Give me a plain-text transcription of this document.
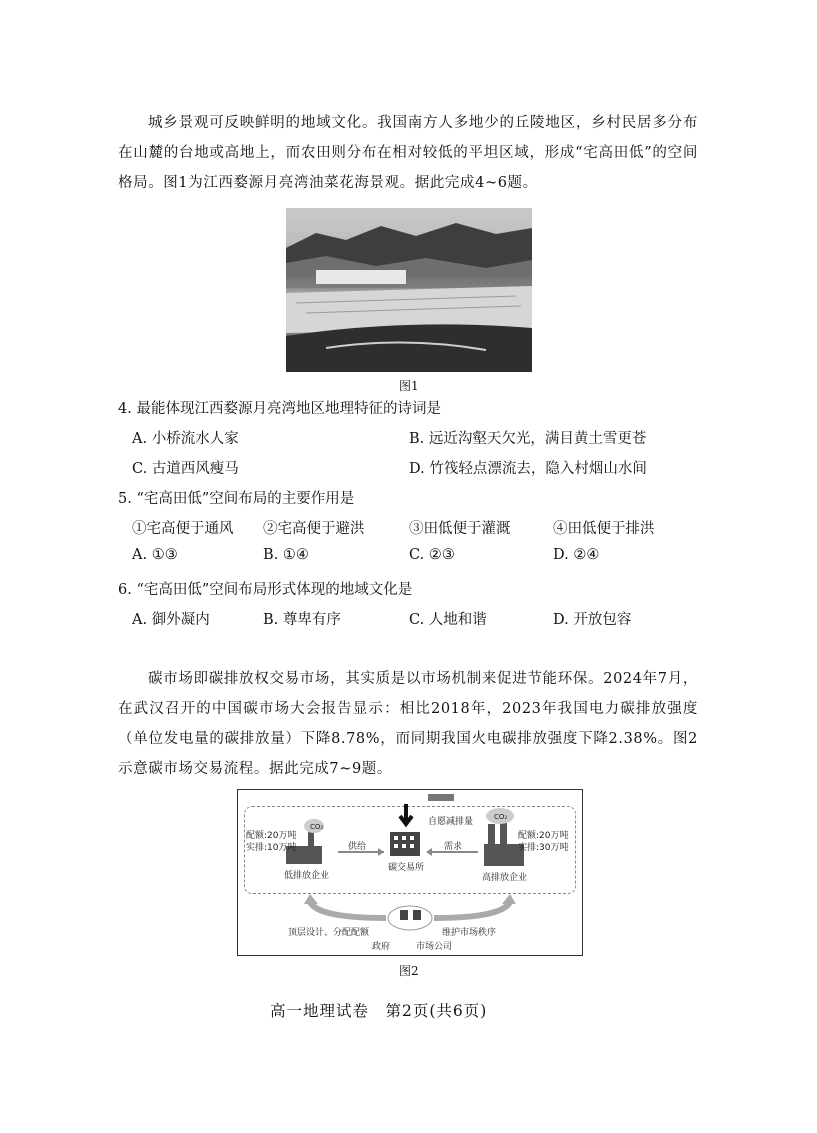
城乡景观可反映鲜明的地域文化。我国南方人多地少的丘陵地区，乡村民居多分布在山麓的台地或高地上，而农田则分布在相对较低的平坦区域，形成“宅高田低”的空间格局。图1为江西婺源月亮湾油菜花海景观。据此完成4~6题。
图1
4. 最能体现江西婺源月亮湾地区地理特征的诗词是
A. 小桥流水人家	B. 远近沟壑天欠光，满目黄土雪更苍
C. 古道西风瘦马	D. 竹筏轻点漂流去，隐入村烟山水间
5. “宅高田低”空间布局的主要作用是
①宅高便于通风 ②宅高便于避洪	③田低便于灌溉	④田低便于排洪
A. ①③	B. ①④	C. ②③	D. ②④
6. “宅高田低”空间布局形式体现的地域文化是
A. 御外凝内	B. 尊卑有序	C. 人地和谐	D. 开放包容
碳市场即碳排放权交易市场，其实质是以市场机制来促进节能环保。2024年7月，在武汉召开的中国碳市场大会报告显示：相比2018年，2023年我国电力碳排放强度（单位发电量的碳排放量）下降8.78%，而同期我国火电碳排放强度下降2.38%。图2示意碳市场交易流程。据此完成7~9题。
自愿减排量
配额:20万吨
实排:10万吨
CO₂
低排放企业
供给
碳交易所
需求
CO₂
配额:20万吨
实排:30万吨
高排放企业
顶层设计、分配配额	维护市场秩序
政府	市场公司
图2
高一地理试卷　第2页(共6页)
